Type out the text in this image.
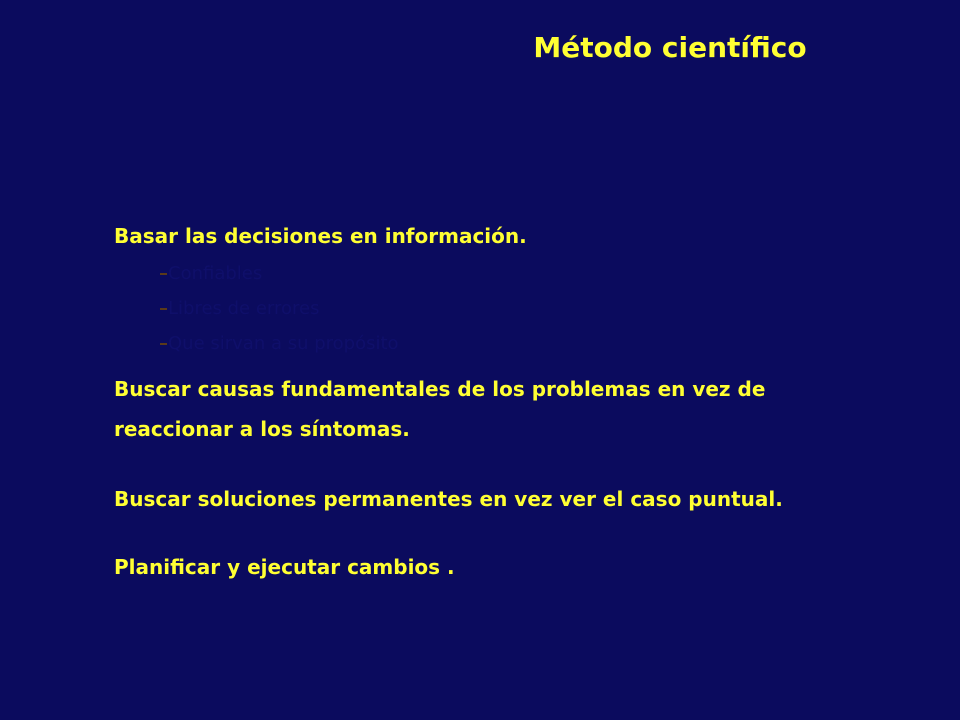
Método científico

Basar las decisiones en información.

Confiables
Libres de errores
Que sirvan a su propósito

Buscar causas fundamentales de los problemas en vez de

reaccionar a los síntomas.

Buscar soluciones permanentes en vez ver el caso puntual.

Planificar y ejecutar cambios .
